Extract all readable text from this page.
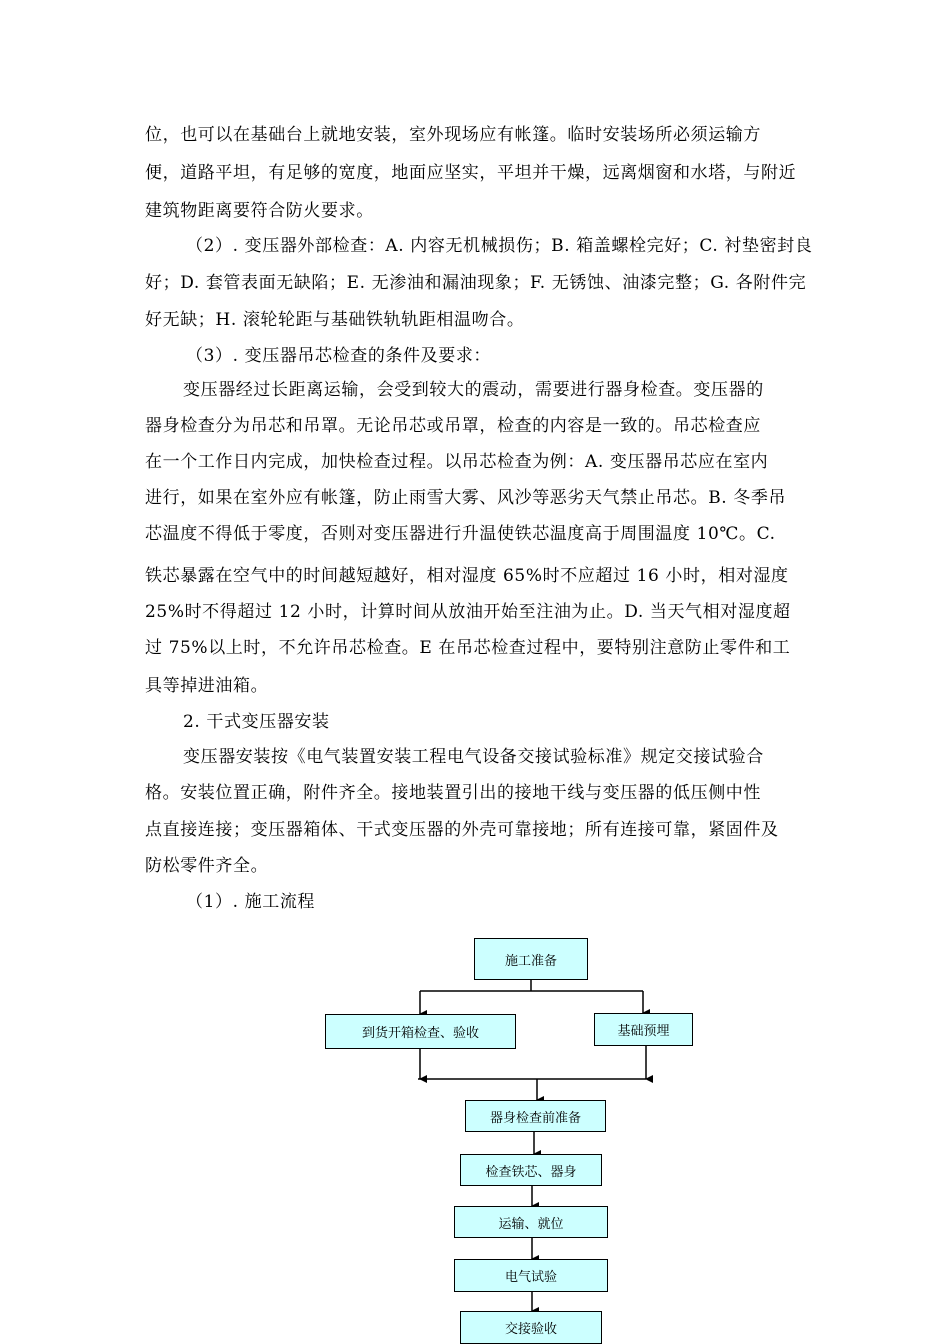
位，也可以在基础台上就地安装，室外现场应有帐篷。临时安装场所必须运输方
便，道路平坦，有足够的宽度，地面应坚实，平坦并干燥，远离烟窗和水塔，与附近
建筑物距离要符合防火要求。
（2）. 变压器外部检查：A. 内容无机械损伤；B. 箱盖螺栓完好；C. 衬垫密封良
好；D. 套管表面无缺陷；E. 无渗油和漏油现象；F. 无锈蚀、油漆完整；G. 各附件完
好无缺；H. 滚轮轮距与基础铁轨轨距相温吻合。
（3）. 变压器吊芯检查的条件及要求：
变压器经过长距离运输，会受到较大的震动，需要进行器身检查。变压器的
器身检查分为吊芯和吊罩。无论吊芯或吊罩，检查的内容是一致的。吊芯检查应
在一个工作日内完成，加快检查过程。以吊芯检查为例：A. 变压器吊芯应在室内
进行，如果在室外应有帐篷，防止雨雪大雾、风沙等恶劣天气禁止吊芯。B. 冬季吊
芯温度不得低于零度，否则对变压器进行升温使铁芯温度高于周围温度 10℃。C.
铁芯暴露在空气中的时间越短越好，相对湿度 65%时不应超过 16 小时，相对湿度
25%时不得超过 12 小时，计算时间从放油开始至注油为止。D. 当天气相对湿度超
过 75%以上时，不允许吊芯检查。E 在吊芯检查过程中，要特别注意防止零件和工
具等掉进油箱。
2. 干式变压器安装
变压器安装按《电气装置安装工程电气设备交接试验标准》规定交接试验合
格。安装位置正确，附件齐全。接地装置引出的接地干线与变压器的低压侧中性
点直接连接；变压器箱体、干式变压器的外壳可靠接地；所有连接可靠，紧固件及
防松零件齐全。
（1）. 施工流程
施工准备
到货开箱检查、验收	基础预埋
器身检查前准备
检查铁芯、器身
运输、就位
电气试验
交接验收
